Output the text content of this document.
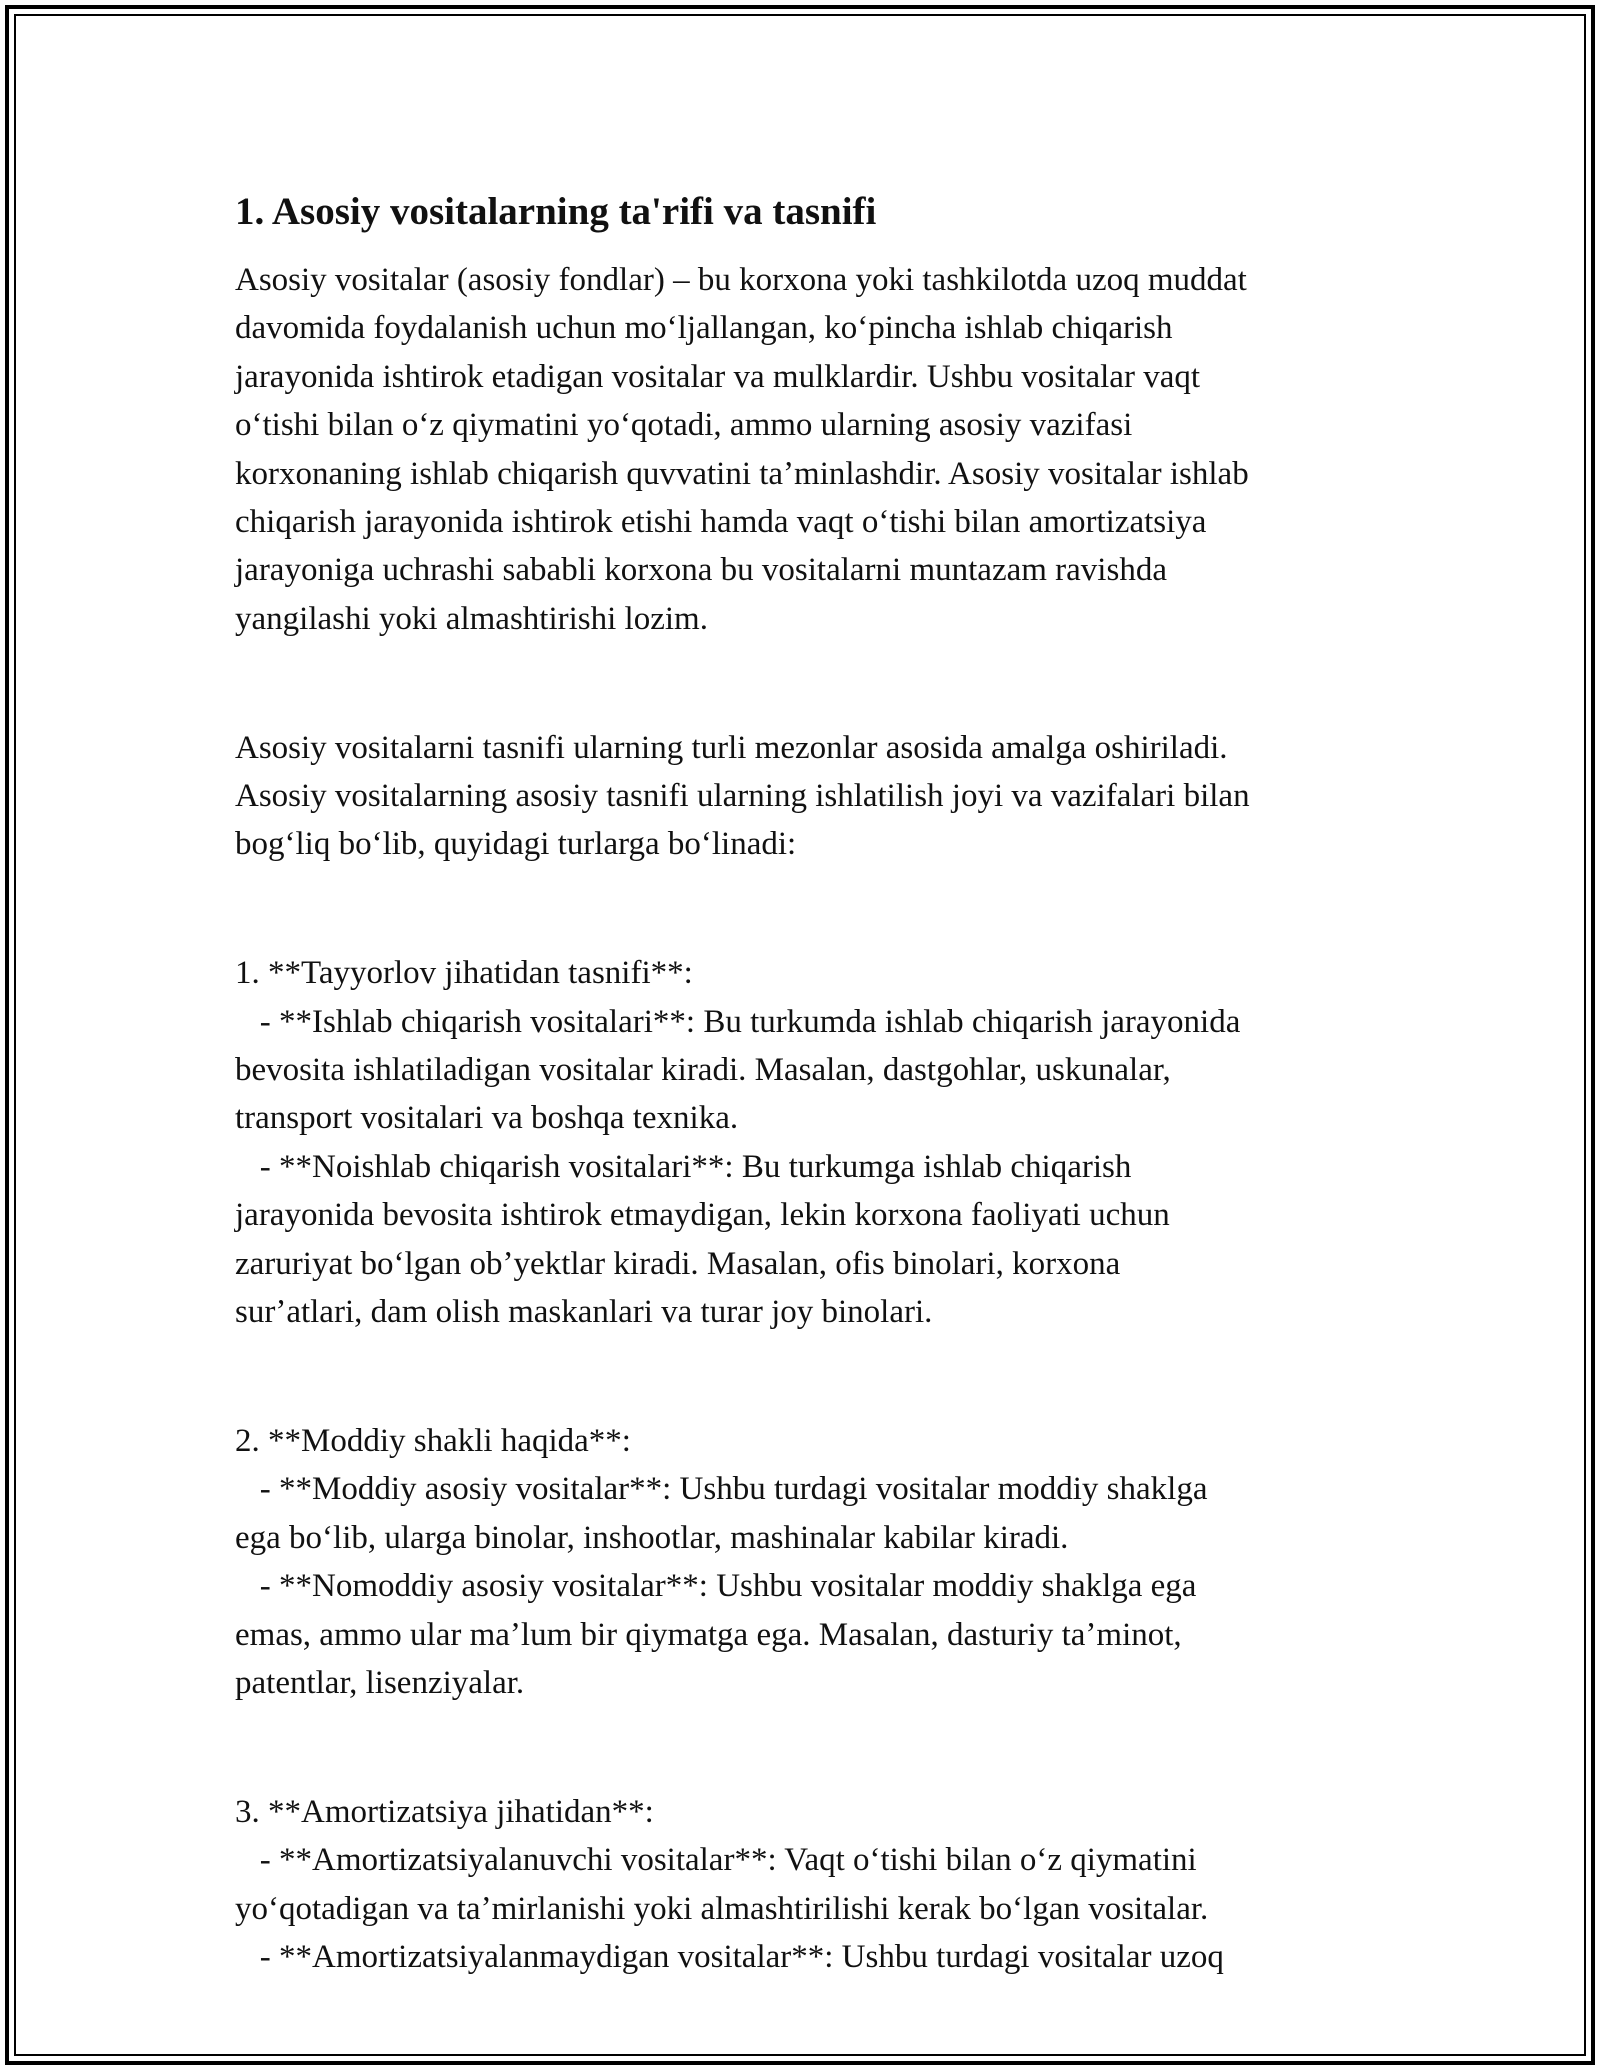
1. Asosiy vositalarning ta'rifi va tasnifi

Asosiy vositalar (asosiy fondlar) – bu korxona yoki tashkilotda uzoq muddat

davomida foydalanish uchun moʻljallangan, koʻpincha ishlab chiqarish

jarayonida ishtirok etadigan vositalar va mulklardir. Ushbu vositalar vaqt

oʻtishi bilan oʻz qiymatini yoʻqotadi, ammo ularning asosiy vazifasi

korxonaning ishlab chiqarish quvvatini taʼminlashdir. Asosiy vositalar ishlab

chiqarish jarayonida ishtirok etishi hamda vaqt oʻtishi bilan amortizatsiya

jarayoniga uchrashi sababli korxona bu vositalarni muntazam ravishda

yangilashi yoki almashtirishi lozim.

Asosiy vositalarni tasnifi ularning turli mezonlar asosida amalga oshiriladi.

Asosiy vositalarning asosiy tasnifi ularning ishlatilish joyi va vazifalari bilan

bogʻliq boʻlib, quyidagi turlarga boʻlinadi:

1. **Tayyorlov jihatidan tasnifi**:

- **Ishlab chiqarish vositalari**: Bu turkumda ishlab chiqarish jarayonida

bevosita ishlatiladigan vositalar kiradi. Masalan, dastgohlar, uskunalar,

transport vositalari va boshqa texnika.

- **Noishlab chiqarish vositalari**: Bu turkumga ishlab chiqarish

jarayonida bevosita ishtirok etmaydigan, lekin korxona faoliyati uchun

zaruriyat boʻlgan obʼyektlar kiradi. Masalan, ofis binolari, korxona

surʼatlari, dam olish maskanlari va turar joy binolari.

2. **Moddiy shakli haqida**:

- **Moddiy asosiy vositalar**: Ushbu turdagi vositalar moddiy shaklga

ega boʻlib, ularga binolar, inshootlar, mashinalar kabilar kiradi.

- **Nomoddiy asosiy vositalar**: Ushbu vositalar moddiy shaklga ega

emas, ammo ular maʼlum bir qiymatga ega. Masalan, dasturiy taʼminot,

patentlar, lisenziyalar.

3. **Amortizatsiya jihatidan**:

- **Amortizatsiyalanuvchi vositalar**: Vaqt oʻtishi bilan oʻz qiymatini

yoʻqotadigan va taʼmirlanishi yoki almashtirilishi kerak boʻlgan vositalar.

- **Amortizatsiyalanmaydigan vositalar**: Ushbu turdagi vositalar uzoq
